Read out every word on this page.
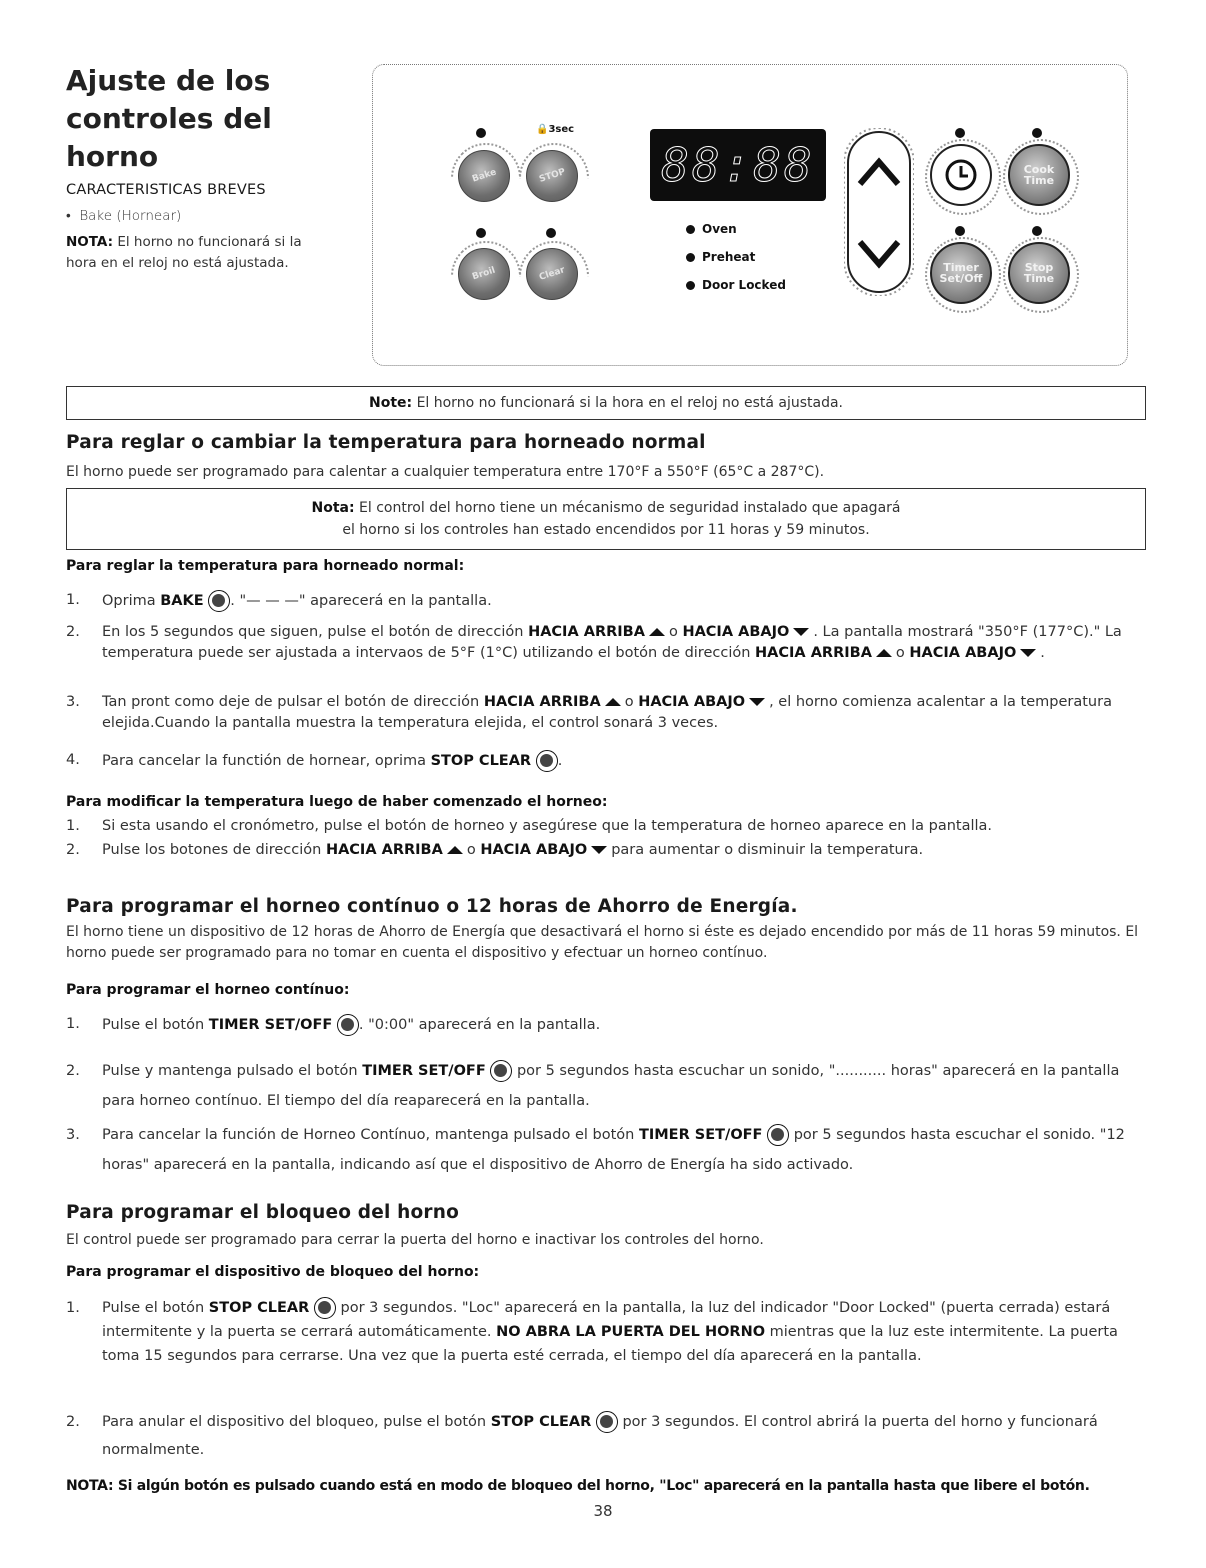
Ajuste de los controles del horno
CARACTERISTICAS BREVES
•  Bake (Hornear)
NOTA: El horno no funcionará si la hora en el reloj no está ajustada.
🔒3sec
Bake	STOP
Broil	Clear
88:88
Oven
Preheat
Door Locked
Cook Time
Timer Set/Off
Stop Time
Note: El horno no funcionará si la hora en el reloj no está ajustada.
Para reglar o cambiar la temperatura para horneado normal
El horno puede ser programado para calentar a cualquier temperatura entre 170°F a 550°F (65°C a 287°C).
Nota: El control del horno tiene un mécanismo de seguridad instalado que apagará
el horno si los controles han estado encendidos por 11 horas y 59 minutos.
Para reglar la temperatura para horneado normal:
1.	Oprima BAKE . "— — —" aparecerá en la pantalla.
2.	En los 5 segundos que siguen, pulse el botón de dirección HACIA ARRIBA o HACIA ABAJO . La pantalla mostrará "350°F (177°C)." La temperatura puede ser ajustada a intervaos de 5°F (1°C) utilizando el botón de dirección HACIA ARRIBA o HACIA ABAJO .
3.	Tan pront como deje de pulsar el botón de dirección HACIA ARRIBA o HACIA ABAJO , el horno comienza acalentar a la temperatura elejida.Cuando la pantalla muestra la temperatura elejida, el control sonará 3 veces.
4.	Para cancelar la functión de hornear, oprima STOP CLEAR .
Para modificar la temperatura luego de haber comenzado el horneo:
1.	Si esta usando el cronómetro, pulse el botón de horneo y asegúrese que la temperatura de horneo aparece en la pantalla.
2.	Pulse los botones de dirección HACIA ARRIBA o HACIA ABAJO para aumentar o disminuir la temperatura.
Para programar el horneo contínuo o 12 horas de Ahorro de Energía.
El horno tiene un dispositivo de 12 horas de Ahorro de Energía que desactivará el horno si éste es dejado encendido por más de 11 horas 59 minutos. El horno puede ser programado para no tomar en cuenta el dispositivo y efectuar un horneo contínuo.
Para programar el horneo contínuo:
1.	Pulse el botón TIMER SET/OFF . "0:00" aparecerá en la pantalla.
2.	Pulse y mantenga pulsado el botón TIMER SET/OFF por 5 segundos hasta escuchar un sonido, "........... horas" aparecerá en la pantalla para horneo contínuo. El tiempo del día reaparecerá en la pantalla.
3.	Para cancelar la función de Horneo Contínuo, mantenga pulsado el botón TIMER SET/OFF por 5 segundos hasta escuchar el sonido. "12 horas" aparecerá en la pantalla, indicando así que el dispositivo de Ahorro de Energía ha sido activado.
Para programar el bloqueo del horno
El control puede ser programado para cerrar la puerta del horno e inactivar los controles del horno.
Para programar el dispositivo de bloqueo del horno:
1.	Pulse el botón STOP CLEAR por 3 segundos. "Loc" aparecerá en la pantalla, la luz del indicador "Door Locked" (puerta cerrada) estará intermitente y la puerta se cerrará automáticamente. NO ABRA LA PUERTA DEL HORNO mientras que la luz este intermitente. La puerta toma 15 segundos para cerrarse. Una vez que la puerta esté cerrada, el tiempo del día aparecerá en la pantalla.
2.	Para anular el dispositivo del bloqueo, pulse el botón STOP CLEAR por 3 segundos. El control abrirá la puerta del horno y funcionará normalmente.
NOTA: Si algún botón es pulsado cuando está en modo de bloqueo del horno, "Loc" aparecerá en la pantalla hasta que libere el botón.
38
